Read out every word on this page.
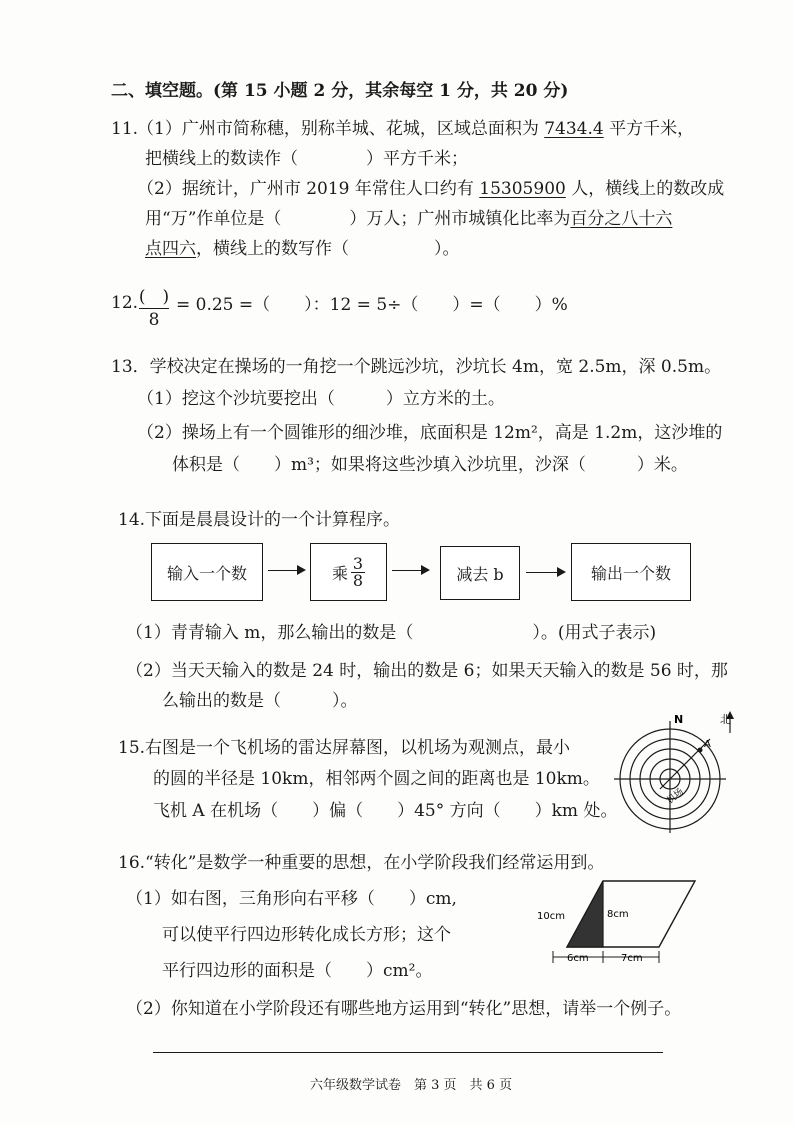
二、填空题。(第 15 小题 2 分，其余每空 1 分，共 20 分)
11.
（1）广州市简称穗，别称羊城、花城，区域总面积为 7434.4 平方千米，
把横线上的数读作（　　　　）平方千米；
（2）据统计，广州市 2019 年常住人口约有 15305900 人，横线上的数改成
用“万”作单位是（　　　　）万人；广州市城镇化比率为百分之八十六
点四六，横线上的数写作（　　　　　）。
12. (　)
8
= 0.25 =（　　）：12 = 5÷（　　）=（　　）%
13．学校决定在操场的一角挖一个跳远沙坑，沙坑长 4m，宽 2.5m，深 0.5m。
（1）挖这个沙坑要挖出（　　　）立方米的土。
（2）操场上有一个圆锥形的细沙堆，底面积是 12m²，高是 1.2m，这沙堆的
体积是（　　）m³；如果将这些沙填入沙坑里，沙深（　　　）米。
14.下面是晨晨设计的一个计算程序。
输入一个数	乘 $\frac{3}{8}$	减去 b	输出一个数
（1）青青输入 m，那么输出的数是（　　　　　　　）。(用式子表示)
（2）当天天输入的数是 24 时，输出的数是 6；如果天天输入的数是 56 时，那
么输出的数是（　　　）。
15.右图是一个飞机场的雷达屏幕图，以机场为观测点，最小
的圆的半径是 10km，相邻两个圆之间的距离也是 10km。
飞机 A 在机场（　　）偏（　　）45° 方向（　　）km 处。
N	北
A
机场
16.“转化”是数学一种重要的思想，在小学阶段我们经常运用到。
（1）如右图，三角形向右平移（　　）cm,
可以使平行四边形转化成长方形；这个
平行四边形的面积是（　　）cm²。
（2）你知道在小学阶段还有哪些地方运用到“转化”思想，请举一个例子。
10cm	8cm
6cm	7cm
六年级数学试卷　第 3 页　共 6 页
